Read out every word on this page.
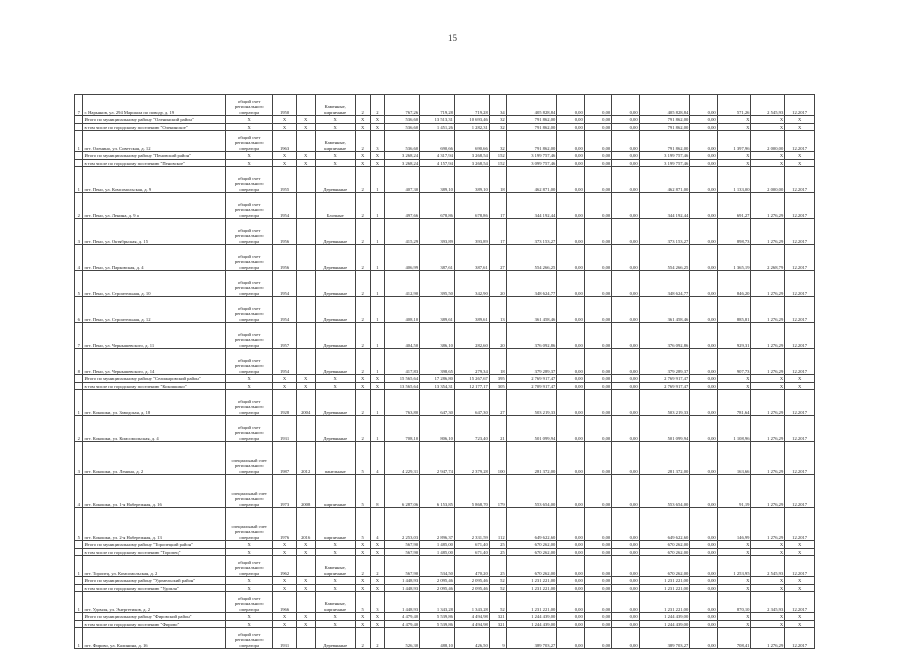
15
7	г. Нарьянов, ул. 294 Маршала по поводу, д. 19	общий счет регионального оператора	1950		Каменные, кирпичные	2	2	767,26	719,28	719,28	34	405 828,84	0,00	0,00	0,00	405 828,84	0,00	571,26	2 545,93	12.2017
	Итого по муниципальному району "Оленинский район"	X	X	X	X	X	X	536,60	13 513,31	10 693,46	32	791 862,00	0,00	0,00	0,00	791 862,00	0,00	X	X	X
	в том числе по городскому поселению "Оленинское"	X	X	X	X	X	X	536,60	1 451,26	1 282,31	32	791 862,00	0,00	0,00	0,00	791 862,00	0,00	X	X	X
1	пгт. Оленино, ул. Советская, д. 12	общий счет регионального оператора	1963		Каменные, кирпичные	2	3	536,60	690,66	690,66	32	791 862,00	0,00	0,00	0,00	791 862,00	0,00	1 397,96	2 000,00	12.2017
	Итого по муниципальному району "Пеновский район"	X	X	X	X	X	X	3 268,24	4 317,94	3 268,54	152	3 199 757,46	0,00	0,00	0,00	3 199 757,46	0,00	X	X	X
	в том числе по городскому поселению "Пеновское"	X	X	X	X	X	X	3 268,24	4 157,94	3 268,54	152	3 099 757,46	0,00	0,00	0,00	3 199 757,46	0,00	X	X	X
1	пгт. Пено, ул. Комсомольская, д. 9	общий счет регионального оператора	1955		Деревянные	2	1	407,30	389,10	389,10	18	462 871,00	0,00	0,00	0,00	462 871,00	0,00	1 133,00	2 000,00	12.2017
2	пгт. Пено, ул. Ленина, д. 9 а	общий счет регионального оператора	1954		Блочные	2	1	497,66	678,86	678,86	17	344 192,44	0,00	0,00	0,00	344 192,44	0,00	691,27	1 276,29	12.2017
3	пгт. Пено, ул. Октябрьская, д. 15	общий счет регионального оператора	1956		Деревянные	2	1	415,29	393,89	393,89	17	373 153,27	0,00	0,00	0,00	373 153,27	0,00	898,73	1 276,29	12.2017
4	пгт. Пено, ул. Парковская, д. 4	общий счет регионального оператора	1956		Деревянные	2	1	406,99	387,61	387,61	27	554 266,25	0,00	0,00	0,00	554 266,25	0,00	1 365,19	2 268,79	12.2017
5	пгт. Пено, ул. Строительная, д. 10	общий счет регионального оператора	1954		Деревянные	2	1	412,90	395,50	342,90	20	348 624,77	0,00	0,00	0,00	348 624,77	0,00	846,20	1 276,29	12.2017
6	пгт. Пено, ул. Строительная, д. 12	общий счет регионального оператора	1954		Деревянные	2	1	408,10	389,61	389,61	13	361 458,46	0,00	0,00	0,00	361 458,46	0,00	885,81	1 276,29	12.2017
7	пгт. Пено, ул. Чернышевского, д. 11	общий счет регионального оператора	1957		Деревянные	2	1	404,50	386,10	282,60	20	376 092,86	0,00	0,00	0,00	376 092,86	0,00	929,31	1 276,29	12.2017
8	пгт. Пено, ул. Чернышевского, д. 14	общий счет регионального оператора	1954		Деревянные	2	1	417,83	398,65	279,34	18	379 289,37	0,00	0,00	0,00	379 289,37	0,00	907,73	1 276,29	12.2017
	Итого по муниципальному району "Селижаровский район"	X	X	X	X	X	X	15 565,64	17 286,80	15 267,67	395	2 769 917,47	0,00	0,00	0,00	2 769 917,47	0,00	X	X	X
	в том числе по городскому поселению "Кокошкино"	X	X	X	X	X	X	13 565,64	13 354,31	12 177,17	305	2 709 917,47	0,00	0,00	0,00	2 769 917,47	0,00	X	X	X
1	пгт. Кокошки, ул. Заводская, д. 18	общий счет регионального оператора	1928	2004	Деревянные	2	1	763,80	647,30	647,30	27	503 219,33	0,00	0,00	0,00	503 219,33	0,00	781,64	1 276,29	12.2017
2	пгт. Кокошки, ул. Комсомольская, д. 4	общий счет регионального оператора	1931		Деревянные	2	1	708,10	806,10	723,40	21	501 099,94	0,00	0,00	0,00	501 099,94	0,00	1 108,96	1 276,29	12.2017
3	пгт. Кокошки, ул. Ленина, д. 2	специальный счет регионального оператора	1987	2012	панельные	5	4	4 229,31	2 947,74	2 379,28	100	281 372,00	0,00	0,00	0,00	281 372,00	0,00	163,66	1 276,29	12.2017
4	пгт. Кокошки, ул. 1-я Набережная, д. 16	специальный счет регионального оператора	1973	2008	кирпичные	5	8	6 287,06	6 153,85	5 868,70	179	553 654,00	0,00	0,00	0,00	553 654,00	0,00	91,19	1 276,29	12.2017
5	пгт. Кокошки, ул. 2-я Набережная, д. 13	специальный счет регионального оператора	1976	2016	кирпичные	5	4	2 253,03	2 896,37	2 331,59	112	649 622,60	0,00	0,00	0,00	649 622,60	0,00	146,99	1 276,29	12.2017
	Итого по муниципальному району "Торопецкий район"	X	X	X	X	X	X	567,90	1 485,00	671,40	25	670 262,00	0,00	0,00	0,00	670 262,00	0,00	X	X	X
	в том числе по городскому поселению "Торопец"	X	X	X	X	X	X	567,90	1 485,00	671,40	25	670 262,00	0,00	0,00	0,00	670 262,00	0,00	X	X	X
1	пгт. Торопец, ул. Комсомольская, д. 2	общий счет регионального оператора	1962		Каменные, кирпичные	2	2	567,90	534,50	470,20	25	670 262,00	0,00	0,00	0,00	670 262,00	0,00	1 253,95	2 545,93	12.2017
	Итого по муниципальному району "Удомельский район"	X	X	X	X	X	X	1 448,93	2 095,46	2 095,46	52	1 231 221,00	0,00	0,00	0,00	1 231 221,00	0,00	X	X	X
	в том числе по городскому поселению "Удомля"	X	X	X	X	X	X	1 448,93	2 095,46	2 095,46	52	1 231 221,00	0,00	0,00	0,00	1 231 221,00	0,00	X	X	X
1	пгт. Удомля, ул. Энергетиков, д. 2	общий счет регионального оператора	1966		Каменные, кирпичные	5	3	1 448,93	1 343,28	1 343,28	52	1 231 221,00	0,00	0,00	0,00	1 231 221,00	0,00	870,10	2 345,93	12.2017
	Итого по муниципальному району "Фировский район"	X	X	X	X	X	X	4 479,40	5 539,86	4 494,98	321	1 244 439,00	0,00	0,00	0,00	1 244 439,00	0,00	X	X	X
	в том числе по городскому поселению "Фирово"	X	X	X	X	X	X	4 479,40	5 539,86	4 494,98	321	1 244 439,00	0,00	0,00	0,00	1 244 439,00	0,00	X	X	X
1	пгт. Фирово, ул. Калинина, д. 16	общий счет регионального оператора	1931		Деревянные	2	2	526,30	488,10	426,50	9	389 703,27	0,00	0,00	0,00	389 703,27	0,00	708,41	1 276,29	12.2017
